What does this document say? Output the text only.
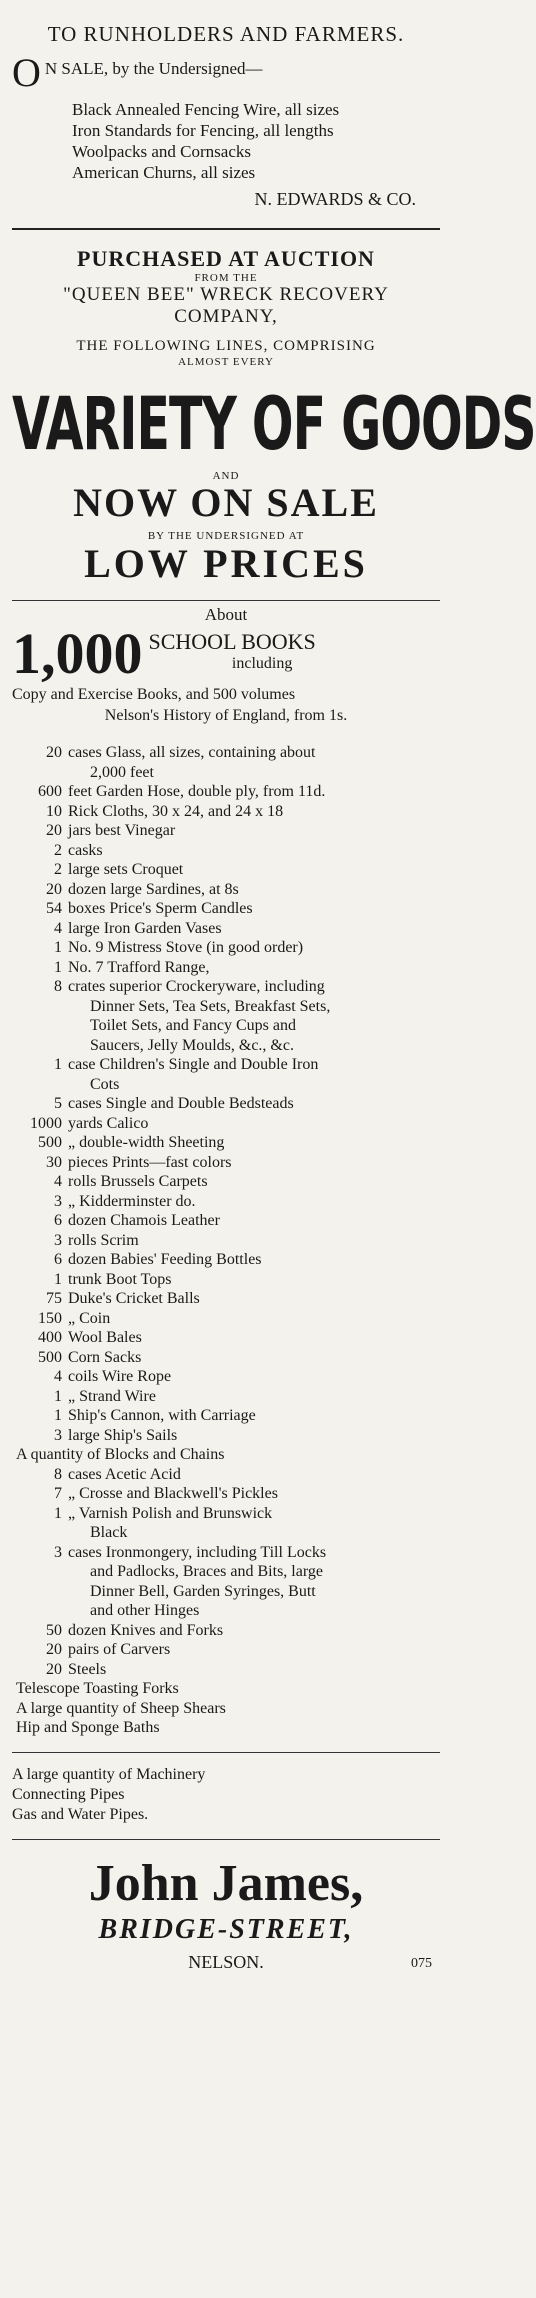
TO RUNHOLDERS AND FARMERS.
O N SALE, by the Undersigned—
Black Annealed Fencing Wire, all sizes
Iron Standards for Fencing, all lengths
Woolpacks and Cornsacks
American Churns, all sizes
N. EDWARDS & CO.
PURCHASED AT AUCTION
FROM THE
"QUEEN BEE" WRECK RECOVERY
COMPANY,
THE FOLLOWING LINES, COMPRISING
ALMOST EVERY
VARIETY OF GOODS
AND
NOW ON SALE
BY THE UNDERSIGNED AT
LOW PRICES
About
1,000 SCHOOL BOOKS
including
Copy and Exercise Books, and 500 volumes
Nelson's History of England, from 1s.
20 cases Glass, all sizes, containing about
2,000 feet
600 feet Garden Hose, double ply, from 11d.
10 Rick Cloths, 30 x 24, and 24 x 18
20 jars best Vinegar
2 casks
2 large sets Croquet
20 dozen large Sardines, at 8s
54 boxes Price's Sperm Candles
4 large Iron Garden Vases
1 No. 9 Mistress Stove (in good order)
1 No. 7 Trafford Range,
8 crates superior Crockeryware, including
Dinner Sets, Tea Sets, Breakfast Sets,
Toilet Sets, and Fancy Cups and
Saucers, Jelly Moulds, &c., &c.
1 case Children's Single and Double Iron
Cots
5 cases Single and Double Bedsteads
1000 yards Calico
500 „ double-width Sheeting
30 pieces Prints—fast colors
4 rolls Brussels Carpets
3 „ Kidderminster do.
6 dozen Chamois Leather
3 rolls Scrim
6 dozen Babies' Feeding Bottles
1 trunk Boot Tops
75 Duke's Cricket Balls
150 „ Coin
400 Wool Bales
500 Corn Sacks
4 coils Wire Rope
1 „ Strand Wire
1 Ship's Cannon, with Carriage
3 large Ship's Sails
A quantity of Blocks and Chains
8 cases Acetic Acid
7 „ Crosse and Blackwell's Pickles
1 „ Varnish Polish and Brunswick
Black
3 cases Ironmongery, including Till Locks
and Padlocks, Braces and Bits, large
Dinner Bell, Garden Syringes, Butt
and other Hinges
50 dozen Knives and Forks
20 pairs of Carvers
20 Steels
Telescope Toasting Forks
A large quantity of Sheep Shears
Hip and Sponge Baths
A large quantity of Machinery
Connecting Pipes
Gas and Water Pipes.
John James,
BRIDGE-STREET,
NELSON.	075
